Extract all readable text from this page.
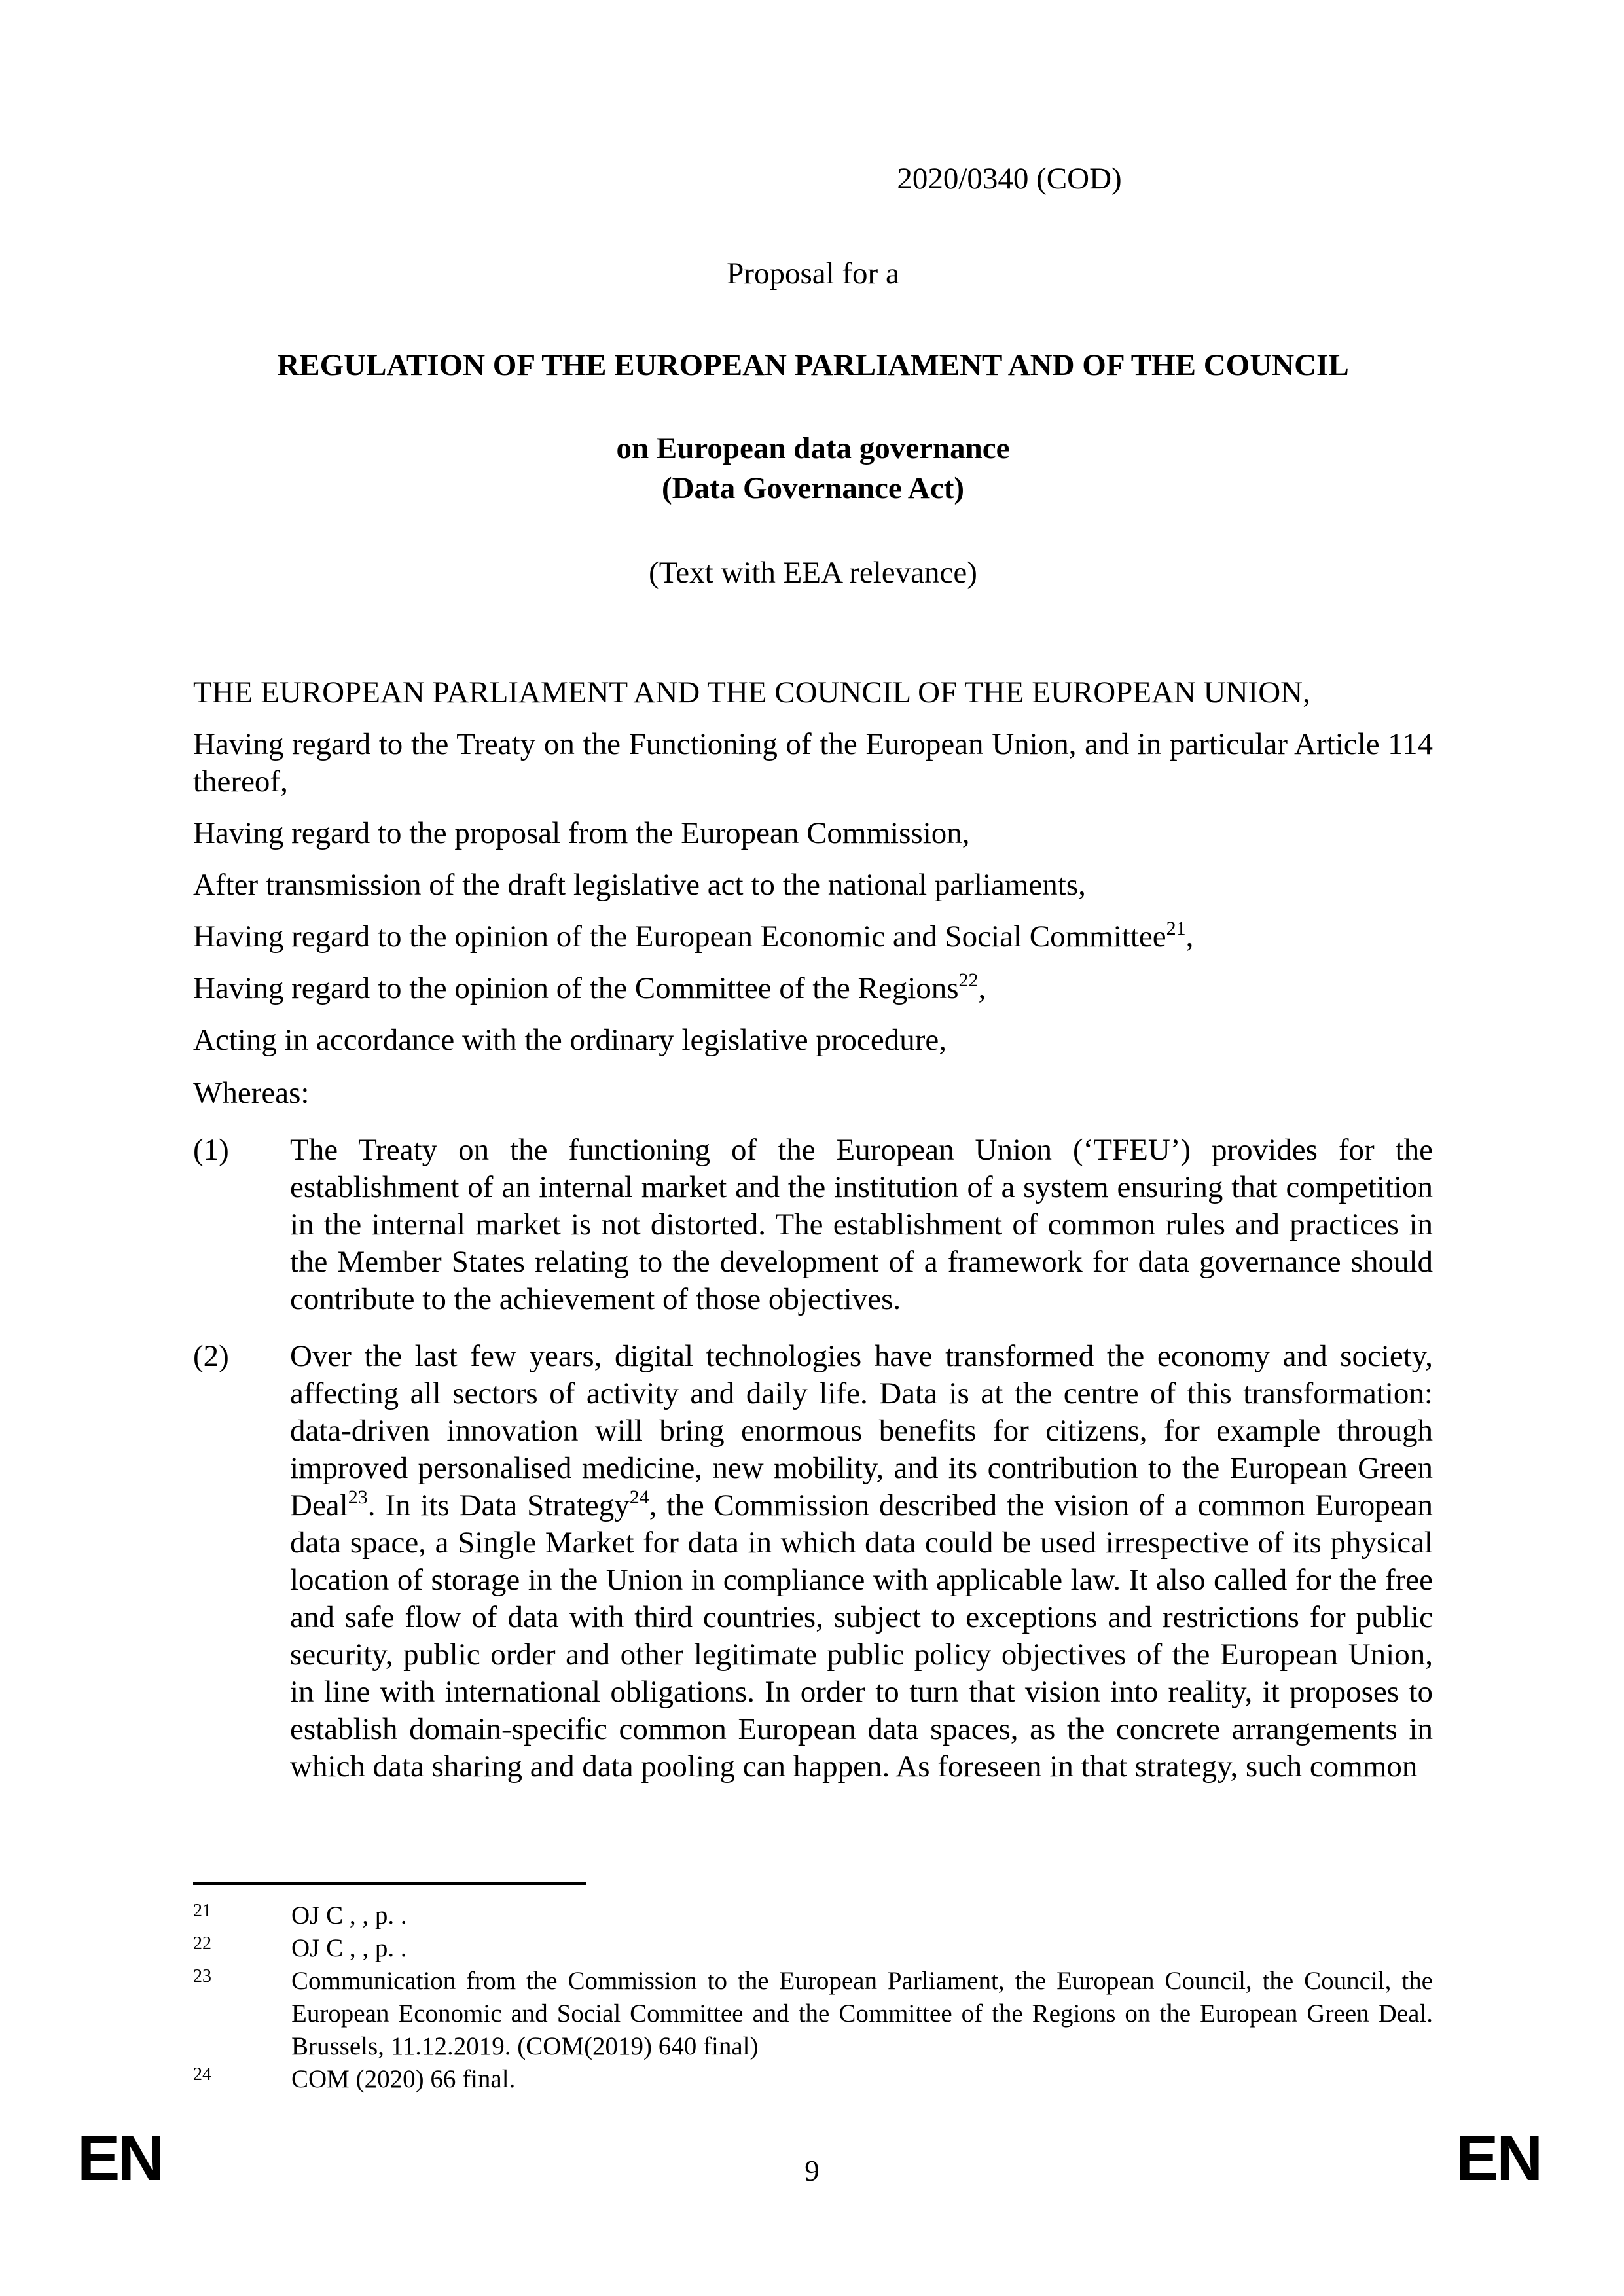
2020/0340 (COD)
Proposal for a
REGULATION OF THE EUROPEAN PARLIAMENT AND OF THE COUNCIL
on European data governance
(Data Governance Act)
(Text with EEA relevance)
THE EUROPEAN PARLIAMENT AND THE COUNCIL OF THE EUROPEAN UNION,

Having regard to the Treaty on the Functioning of the European Union, and in particular Article 114 thereof,

Having regard to the proposal from the European Commission,

After transmission of the draft legislative act to the national parliaments,

Having regard to the opinion of the European Economic and Social Committee$^{21}$,

Having regard to the opinion of the Committee of the Regions$^{22}$,

Acting in accordance with the ordinary legislative procedure,

Whereas:
(1)	The Treaty on the functioning of the European Union (‘TFEU’) provides for the establishment of an internal market and the institution of a system ensuring that competition in the internal market is not distorted. The establishment of common rules and practices in the Member States relating to the development of a framework for data governance should contribute to the achievement of those objectives.
(2)	Over the last few years, digital technologies have transformed the economy and society, affecting all sectors of activity and daily life. Data is at the centre of this transformation: data-driven innovation will bring enormous benefits for citizens, for example through improved personalised medicine, new mobility, and its contribution to the European Green Deal$^{23}$. In its Data Strategy$^{24}$, the Commission described the vision of a common European data space, a Single Market for data in which data could be used irrespective of its physical location of storage in the Union in compliance with applicable law. It also called for the free and safe flow of data with third countries, subject to exceptions and restrictions for public security, public order and other legitimate public policy objectives of the European Union, in line with international obligations. In order to turn that vision into reality, it proposes to establish domain-specific common European data spaces, as the concrete arrangements in which data sharing and data pooling can happen. As foreseen in that strategy, such common
21	OJ C , , p. .
22	OJ C , , p. .
23	Communication from the Commission to the European Parliament, the European Council, the Council, the European Economic and Social Committee and the Committee of the Regions on the European Green Deal. Brussels, 11.12.2019. (COM(2019) 640 final)
24	COM (2020) 66 final.
EN	9	EN
